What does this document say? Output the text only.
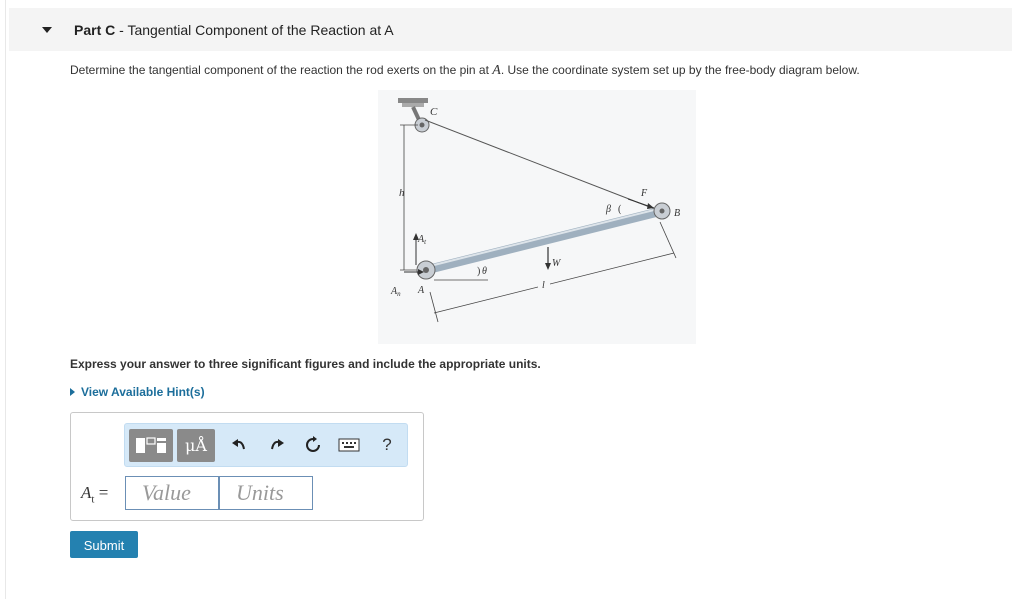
Part C - Tangential Component of the Reaction at A
Determine the tangential component of the reaction the rod exerts on the pin at A. Use the coordinate system set up by the free-body diagram below.
C
h
B
F
β (
W
θ
)
$A_t$
$A_n$ A	l
Express your answer to three significant figures and include the appropriate units.
View Available Hint(s)
μÅ	?
$A_t$ =	Value	Units
Submit
